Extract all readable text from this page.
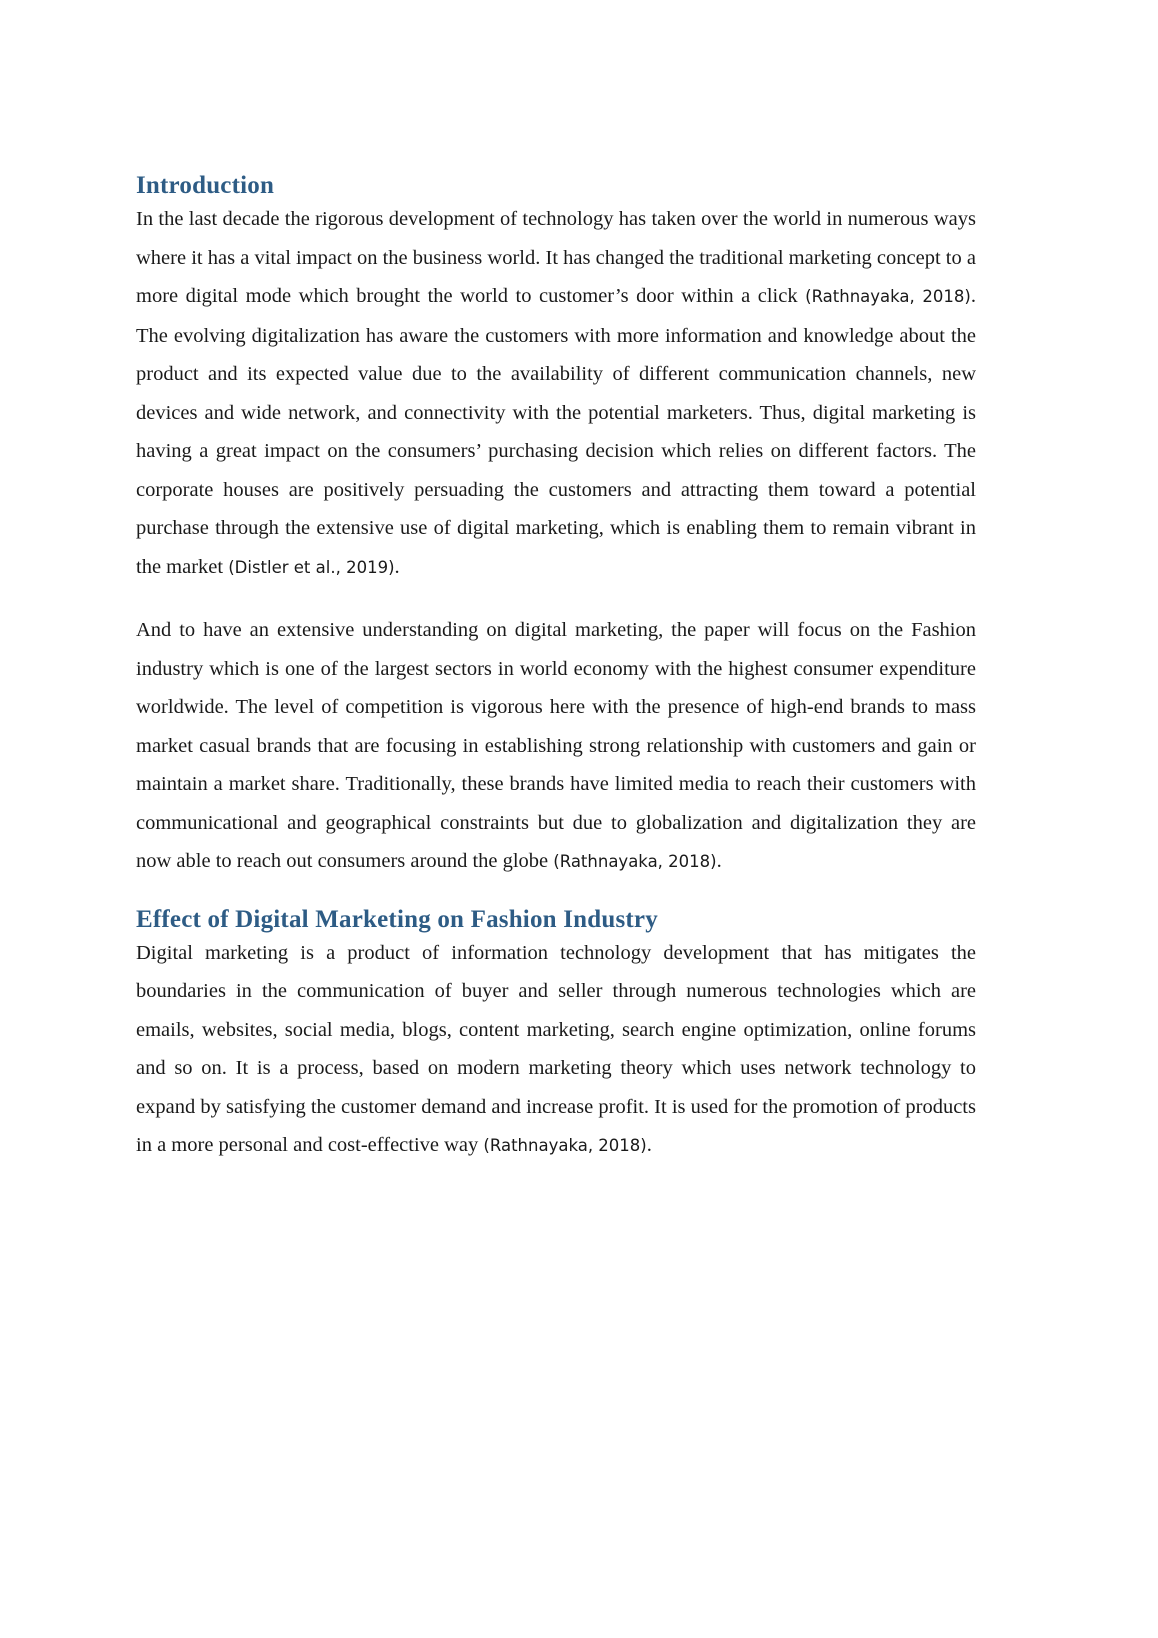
Introduction

In the last decade the rigorous development of technology has taken over the world in numerous ways where it has a vital impact on the business world. It has changed the traditional marketing concept to a more digital mode which brought the world to customer’s door within a click (Rathnayaka, 2018). The evolving digitalization has aware the customers with more information and knowledge about the product and its expected value due to the availability of different communication channels, new devices and wide network, and connectivity with the potential marketers. Thus, digital marketing is having a great impact on the consumers’ purchasing decision which relies on different factors. The corporate houses are positively persuading the customers and attracting them toward a potential purchase through the extensive use of digital marketing, which is enabling them to remain vibrant in the market (Distler et al., 2019).

And to have an extensive understanding on digital marketing, the paper will focus on the Fashion industry which is one of the largest sectors in world economy with the highest consumer expenditure worldwide. The level of competition is vigorous here with the presence of high-end brands to mass market casual brands that are focusing in establishing strong relationship with customers and gain or maintain a market share. Traditionally, these brands have limited media to reach their customers with communicational and geographical constraints but due to globalization and digitalization they are now able to reach out consumers around the globe (Rathnayaka, 2018).

Effect of Digital Marketing on Fashion Industry

Digital marketing is a product of information technology development that has mitigates the boundaries in the communication of buyer and seller through numerous technologies which are emails, websites, social media, blogs, content marketing, search engine optimization, online forums and so on. It is a process, based on modern marketing theory which uses network technology to expand by satisfying the customer demand and increase profit. It is used for the promotion of products in a more personal and cost-effective way (Rathnayaka, 2018).
